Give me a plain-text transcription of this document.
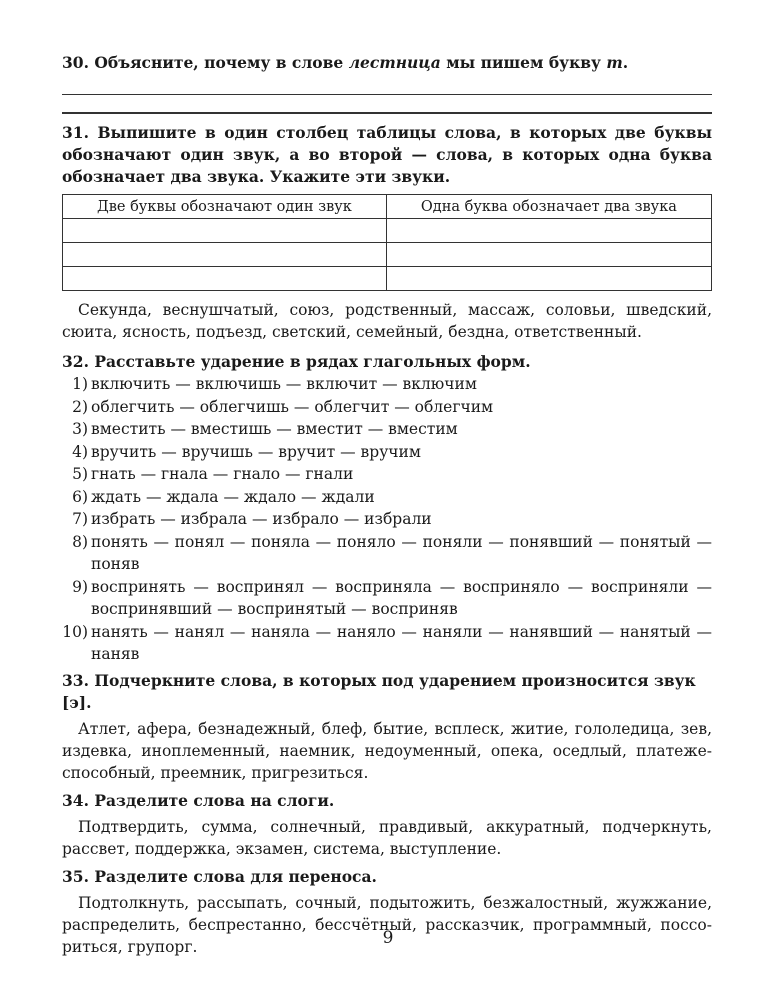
30. Объясните, почему в слове лестница мы пишем букву т.
31. Выпишите в один столбец таблицы слова, в которых две буквы обозначают один звук, а во второй — слова, в которых одна буква обозначает два звука. Укажите эти звуки.
Две буквы обозначают один звук	Одна буква обозначает два звука

Секунда, веснушчатый, союз, родственный, массаж, соловьи, шведский, сюита, ясность, подъезд, светский, семейный, бездна, ответственный.

32. Расставьте ударение в рядах глагольных форм.
1) включить — включишь — включит — включим
2) облегчить — облегчишь — облегчит — облегчим
3) вместить — вместишь — вместит — вместим
4) вручить — вручишь — вручит — вручим
5) гнать — гнала — гнало — гнали
6) ждать — ждала — ждало — ждали
7) избрать — избрала — избрало — избрали
8) понять — понял — поняла — поняло — поняли — понявший — понятый — поняв
9) воспринять — воспринял — восприняла — восприняло — восприняли — воспринявший — воспринятый — восприняв
10) нанять — нанял — наняла — наняло — наняли — нанявший — нанятый — наняв
33. Подчеркните слова, в которых под ударением произносится звук [э].

Атлет, афера, безнадежный, блеф, бытие, всплеск, житие, гололедица, зев, издевка, иноплеменный, наемник, недоуменный, опека, оседлый, платеже-способный, преемник, пригрезиться.

34. Разделите слова на слоги.

Подтвердить, сумма, солнечный, правдивый, аккуратный, подчеркнуть, рассвет, поддержка, экзамен, система, выступление.

35. Разделите слова для переноса.

Подтолкнуть, рассыпать, сочный, подытожить, безжалостный, жужжание, распределить, беспрестанно, бессчётный, рассказчик, программный, поссо-риться, групорг.	9
